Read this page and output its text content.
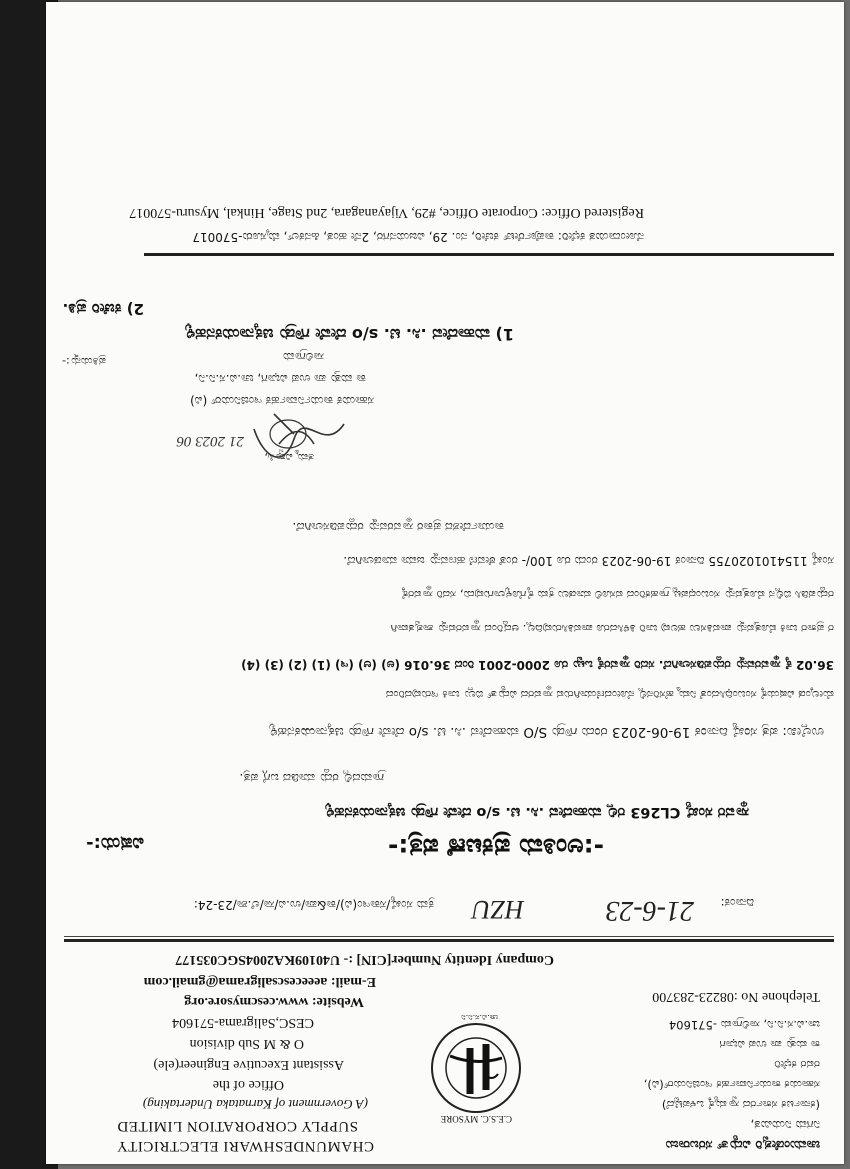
ಚಾಮುಂಡೇಶ್ವರಿ ವಿದ್ಯುತ್ ಸರಬರಾಜು
ನಿಗಮ ನಿಯಮಿತ,
(ಕರ್ನಾಟಕ ಸರ್ಕಾರದ ಸ್ವಾಮ್ಯಕ್ಕೆ ಒಳಪಟ್ಟಿದೆ)
ಸಹಾಯಕ ಕಾರ್ಯನಿರ್ವಾಹಕ ಇಂಜಿನಿಯರ್(ವಿ),
ರವರ ಕಛೇರಿ
ಕಾ ಮತ್ತು ಪಾ ಉಪ ವಿಭಾಗ
ಚಾ.ವಿ.ಸ.ನಿ.ನಿ, ಸಾಲಿಗ್ರಾಮ -571604
Telephone No :08223-283700
C.E.S.C. MYSORE
ಚಾ.ವಿ.ಸ.ನಿ.ನಿ
CHAMUNDESHWARI ELECTRICITY
SUPPLY CORPORATION LIMITED
(A Government of Karnataka Undertaking)
Office of the
Assistant Executive Engineer(ele)
O & M Sub division
CESC,Saligrama-571604
Website: www.cescmysore.org
E-mail: aeeecescsaligrama@gmail.com
Company Identity Number[CIN] :- U40109KA2004SGC035177
ದಿನಾಂಕ:
21-6-23
HZU
ಕ್ರಮ ಸಂಖ್ಯೆ/ಸಕಾಇಂ(ವಿ)/ಕಾ&ಪಾ/ಉ.ವಿ/ಸಾ/ಲೆ.ಶಾ/23-24:
-:ಅಂತಿಮ ಪ್ರಕಟಣೆ ಪತ್ರ:-
ವಿಷಯ:-
ಸ್ಥಾವರ ಸಂಖ್ಯೆ CL263 ರಲ್ಲಿ ಮಹಾದೇವ .ಸಿ. ಟಿ. s/o ದೇವೇ ಗೌಡ್ರು ಚಿಕ್ಕನಾಯಕನಹಳ್ಳಿ
ಗ್ರಾಮದಲ್ಲಿ ರದ್ದು ಮಾಡಿದ ಬಗ್ಗೆ ಪತ್ರ.
ಉಲ್ಲೇಖ: ಪತ್ರ ಸಂಖ್ಯೆ ದಿನಾಂಕ 19-06-2023 ರಂದು ಗೌಡ್ರು S/O ಮಹಾದೇವ .ಸಿ. ಟಿ. s/o ದೇವೇ ಗೌಡ್ರು ಚಿಕ್ಕನಾಯಕನಹಳ್ಳಿ
ಮೇಲ್ಕಂಡ ವಿಷಯಕ್ಕೆ ಸಂಬಂಧಿಸಿದಂತೆ ನಿಮ್ಮ ಹೆಸರಿನಲ್ಲಿ ನೋಂದಣಿಯಾಗಿರುವ ಸ್ಥಾವರದ ವಿದ್ಯುತ್ ಬಿಲ್ಲು ಬಾಕಿ ಇರುವುದರಿಂದ
36.02 ಕ್ಕೆ ಸ್ಥಾವರವನ್ನು ರದ್ದುಪಡಿಸಲಾಗಿದೆ. ಸದರಿ ಸ್ಥಾವರಕ್ಕೆ ಒಟ್ಟು ರೂ 2000-2001 ರಿಂದ 36.016 (ಅ) (ಆ) (ಇ) (1) (2) (3) (4)
ರ ಪ್ರಕಾರ ಬಾಕಿ ಮೊತ್ತವನ್ನು ಪಾವತಿಸಲು ಹಲವು ಬಾರಿ ತಿಳಿಸಿದರೂ ಪಾವತಿಸಿರುವುದಿಲ್ಲ. ಆದ್ದರಿಂದ ಸ್ಥಾವರವನ್ನು ಶಾಶ್ವತವಾಗಿ
ರದ್ದುಪಡಿಸಿ ಬಿಲ್ಲಿನ ಮೊತ್ತವನ್ನು ಸಂಬಂಧಪಟ್ಟ ಗ್ರಾಹಕರಿಂದ ವಸೂಲಿ ಮಾಡಲು ಕ್ರಮ ಕೈಗೊಳ್ಳಲಾಗುವುದು, ಸದರಿ ಸ್ಥಾವರಕ್ಕೆ
ಸಂಖ್ಯೆ 1154101020755 ದಿನಾಂಕ 19-06-2023 ರಂದು ರೂ 100/- ರಂತೆ ಠೇವಣಿ ಹಣವನ್ನು ಜಮಾ ಮಾಡಲಾಗಿದೆ.
ಕಾರ್ಯಾದೇಶದ ಪ್ರಕಾರ ಸ್ಥಾವರವನ್ನು ರದ್ದುಪಡಿಸಲಾಗಿದೆ.
ತಮ್ಮ ವಿಶ್ವಾಸಿ,
21 2023 06
ಸಹಾಯಕ ಕಾರ್ಯನಿರ್ವಾಹಕ ಇಂಜಿನಿಯರ್ (ವಿ)
ಕಾ ಮತ್ತು ಪಾ ಉಪ ವಿಭಾಗ, ಚಾ.ವಿ.ಸ.ನಿ.ನಿ,
ಸಾಲಿಗ್ರಾಮ
ಪ್ರತಿಯನ್ನು:-
1) ಮಹಾದೇವ .ಸಿ. ಟಿ. s/o ದೇವೇ ಗೌಡ್ರು ಚಿಕ್ಕನಾಯಕನಹಳ್ಳಿ
2) ಕಚೇರಿ ಪ್ರತಿ.
ನೋಂದಾಯಿತ ಕಛೇರಿ: ಕಾರ್ಪೊರೇಟ್ ಕಚೇರಿ, ನಂ. 29, ವಿಜಯನಗರ, 2ನೇ ಹಂತ, ಹಿನಕಲ್, ಮೈಸೂರು-570017
Registered Office: Corporate Office, #29, Vijayanagara, 2nd Stage, Hinkal, Mysuru-570017
